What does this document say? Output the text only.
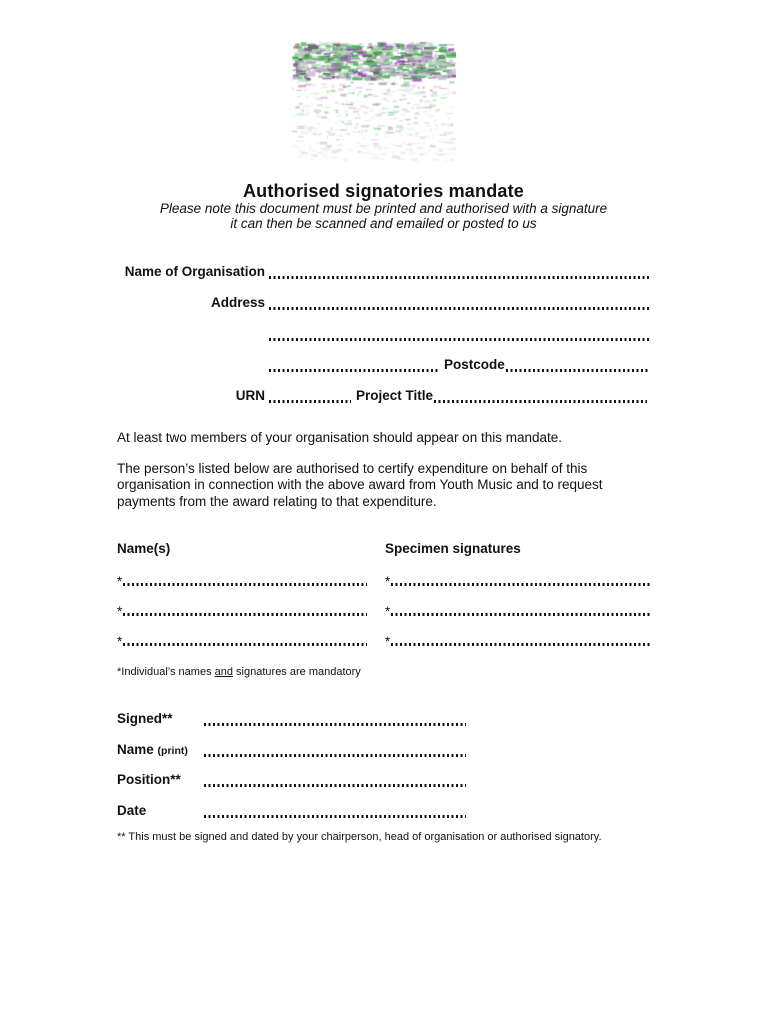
Authorised signatories mandate
Please note this document must be printed and authorised with a signature
it can then be scanned and emailed or posted to us
Name of Organisation
Address
Postcode
URN	Project Title
At least two members of your organisation should appear on this mandate.
The person’s listed below are authorised to certify expenditure on behalf of this organisation in connection with the above award from Youth Music and to request payments from the award relating to that expenditure.
Name(s)	Specimen signatures
*	*
*	*
*	*
*Individual’s names and signatures are mandatory
Signed**
Name (print)
Position**
Date
** This must be signed and dated by your chairperson, head of organisation or authorised signatory.
